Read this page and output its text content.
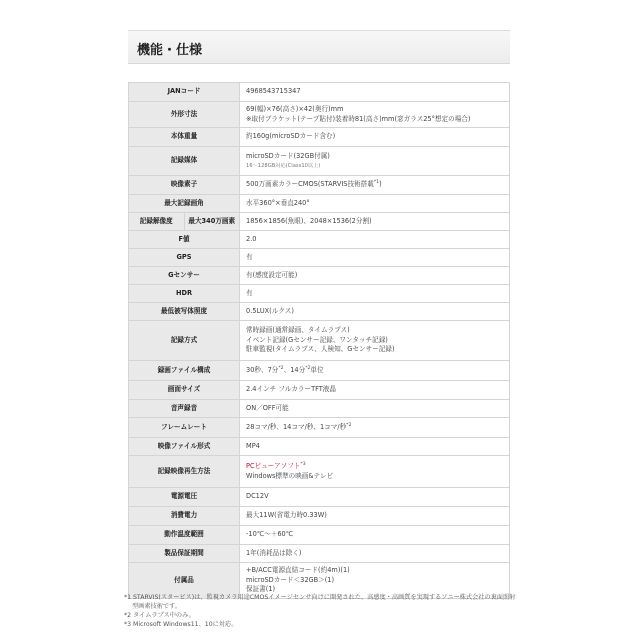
機能・仕様
JANコード		4968543715347

外形寸法		69(幅)×76(高さ)×42(奥行)mm
※取付ブラケット(テープ貼付)装着時81(高さ)mm(窓ガラス25°想定の場合)

本体重量		約160g(microSDカード含む)

記録媒体		microSDカード(32GB付属)
16〜128GB対応(Class10以上)

映像素子		500万画素カラーCMOS(STARVIS技術搭載$^{*1}$)

最大記録画角		水平360°×垂直240°

記録解像度	最大340万画素	1856×1856(魚眼)、2048×1536(2分割)

F値		2.0

GPS		有

Gセンサー		有(感度設定可能)

HDR		有

最低被写体照度		0.5LUX(ルクス)

記録方式		常時録画(通常録画、タイムラプス)
イベント記録(Gセンサー記録、ワンタッチ記録)
駐車監視(タイムラプス、人検知、Gセンサー記録)

録画ファイル構成		30秒、7分$^{*2}$、14分$^{*2}$単位

画面サイズ		2.4インチ フルカラーTFT液晶

音声録音		ON／OFF可能

フレームレート		28コマ/秒、14コマ/秒、1コマ/秒$^{*2}$

映像ファイル形式		MP4

記録映像再生方法		PCビューアソフト$^{*3}$
Windows標準の映画&テレビ

電源電圧		DC12V

消費電力		最大11W(省電力時0.33W)

動作温度範囲		-10℃〜＋60℃

製品保証期間		1年(消耗品は除く)

付属品		+B/ACC電源直結コード(約4m)(1)
microSDカード＜32GB＞(1)
保証書(1)
*1 STARVIS(スタービス)は、監視カメラ用途CMOSイメージセンサ向けに開発された、高感度・高画質を実現するソニー株式会社の裏面照射
型画素技術です。
*2 タイムラプス中のみ。
*3 Microsoft Windows11、10に対応。
